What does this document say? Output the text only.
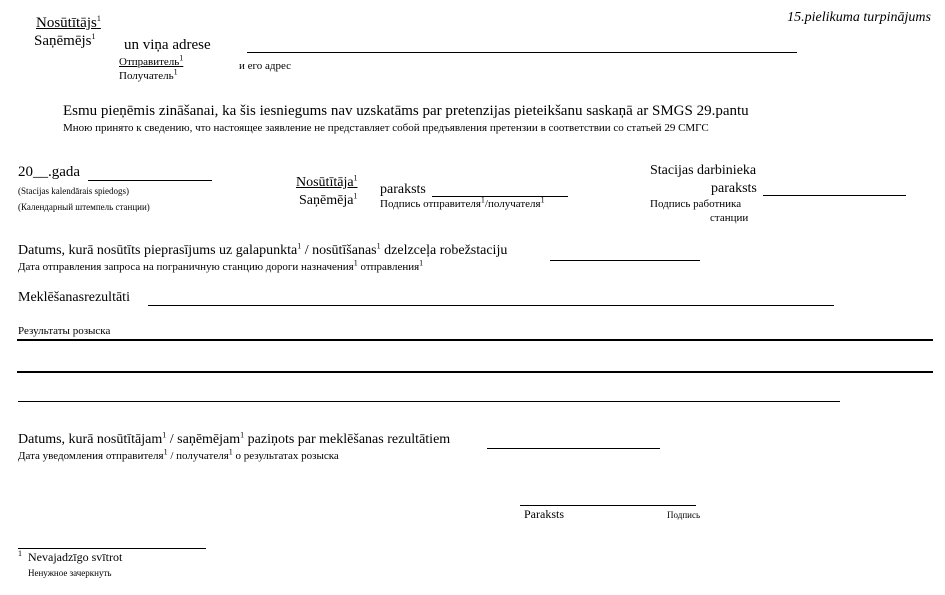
15.pielikuma turpinājums
Nosūtītājs$^1$
Saņēmējs$^1$
un viņa adrese
Отправитель$^1$
Получатель$^1$	и его адрес
Esmu pieņēmis zināšanai, ka šis iesniegums nav uzskatāms par pretenzijas pieteikšanu saskaņā ar SMGS 29.pantu
Мною принято к сведению, что настоящее заявление не представляет собой предъявления претензии в соответствии со статьей 29 СМГС
20__.gada
(Stacijas kalendārais spiedogs)
(Календарный штемпель станции)
Nosūtītāja$^1$
Saņēmēja$^1$ paraksts
Подпись отправителя$^1$/получателя$^1$
Stacijas darbinieka
paraksts
Подпись работника
станции
Datums, kurā nosūtīts pieprasījums uz galapunkta$^1$ / nosūtīšanas$^1$ dzelzceļa robežstaciju
Дата отправления запроса на пограничную станцию дороги назначения$^1$ отправления$^1$
Meklēšanasrezultāti
Результаты розыска
Datums, kurā nosūtītājam$^1$ / saņēmējam$^1$ paziņots par meklēšanas rezultātiem
Дата уведомления отправителя$^1$ / получателя$^1$ о результатах розыска
Paraksts	Подпись
$^1$ Nevajadzīgo svītrot
Ненужное зачеркнуть
